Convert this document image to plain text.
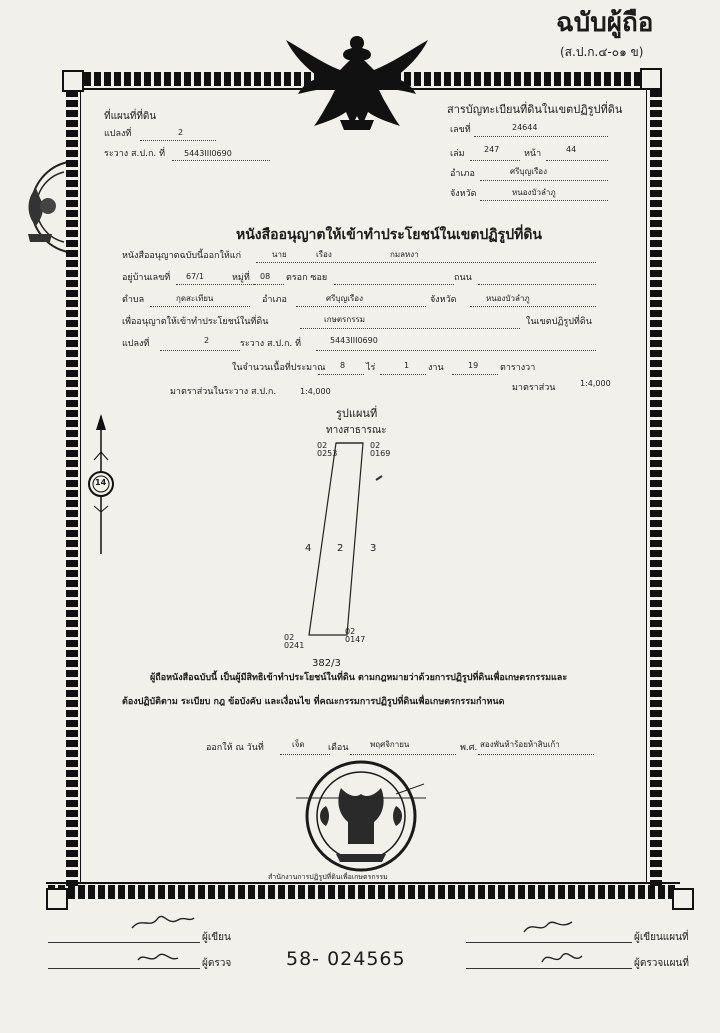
ฉบับผู้ถือ
(ส.ป.ก.๔-๐๑ ข)
ที่แผนที่ที่ดิน
แปลงที่	2
ระวาง ส.ป.ก. ที่ 5443III0690
สารบัญทะเบียนที่ดินในเขตปฏิรูปที่ดิน
เลขที่	24644
เล่ม 247	หน้า	44
อำเภอ	ศรีบุญเรือง
จังหวัด	หนองบัวลำภู
หนังสืออนุญาตให้เข้าทำประโยชน์ในเขตปฏิรูปที่ดิน
หนังสืออนุญาตฉบับนี้ออกให้แก่	นาย	เรือง	กมลหงา
อยู่บ้านเลขที่ 67/1	หมู่ที่ 08 ตรอก ซอย	ถนน
ตำบล	กุดสะเทียน	อำเภอ	ศรีบุญเรือง	จังหวัด	หนองบัวลำภู
เพื่ออนุญาตให้เข้าทำประโยชน์ในที่ดิน	เกษตรกรรม	ในเขตปฏิรูปที่ดิน
แปลงที่	2	ระวาง ส.ป.ก. ที่	5443III0690
ในจำนวนเนื้อที่ประมาณ 8 ไร่	1 งาน	19 ตารางวา
มาตราส่วนในระวาง ส.ป.ก.	1:4,000	มาตราส่วน	1:4,000
รูปแผนที่
ทางสาธารณะ
02 0253
02 0169
02 0241
02 0147
4	2	3
382/3
14
ผู้ถือหนังสือฉบับนี้ เป็นผู้มีสิทธิเข้าทำประโยชน์ในที่ดิน ตามกฎหมายว่าด้วยการปฏิรูปที่ดินเพื่อเกษตรกรรมและ
ต้องปฏิบัติตาม ระเบียบ กฎ ข้อบังคับ และเงื่อนไข ที่คณะกรรมการปฏิรูปที่ดินเพื่อเกษตรกรรมกำหนด
ออกให้ ณ วันที่	เจ็ด	เดือน	พฤศจิกายน	พ.ศ. สองพันห้าร้อยห้าสิบเก้า
สำนักงานการปฏิรูปที่ดินเพื่อเกษตรกรรม
ผู้เขียน
ผู้ตรวจ	58- 024565
ผู้เขียนแผนที่
ผู้ตรวจแผนที่
